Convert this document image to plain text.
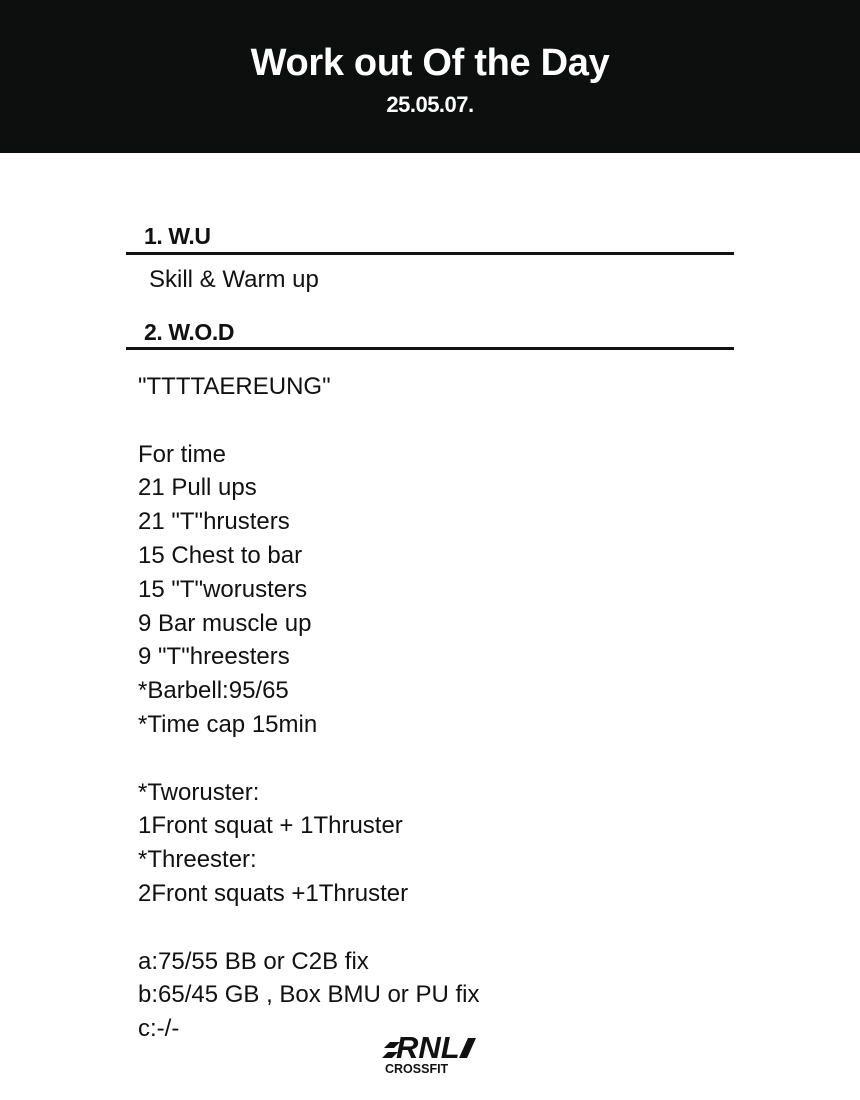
Work out Of the Day
25.05.07.
1. W.U
Skill & Warm up
2. W.O.D
"TTTTAEREUNG"
For time
21 Pull ups
21 "T"hrusters
15 Chest to bar
15 "T"worusters
9 Bar muscle up
9 "T"hreesters
*Barbell:95/65
*Time cap 15min
*Tworuster:
1Front squat + 1Thruster
*Threester:
2Front squats +1Thruster
a:75/55 BB or C2B fix
b:65/45 GB , Box BMU or PU fix
c:-/-
RNL
CROSSFIT
